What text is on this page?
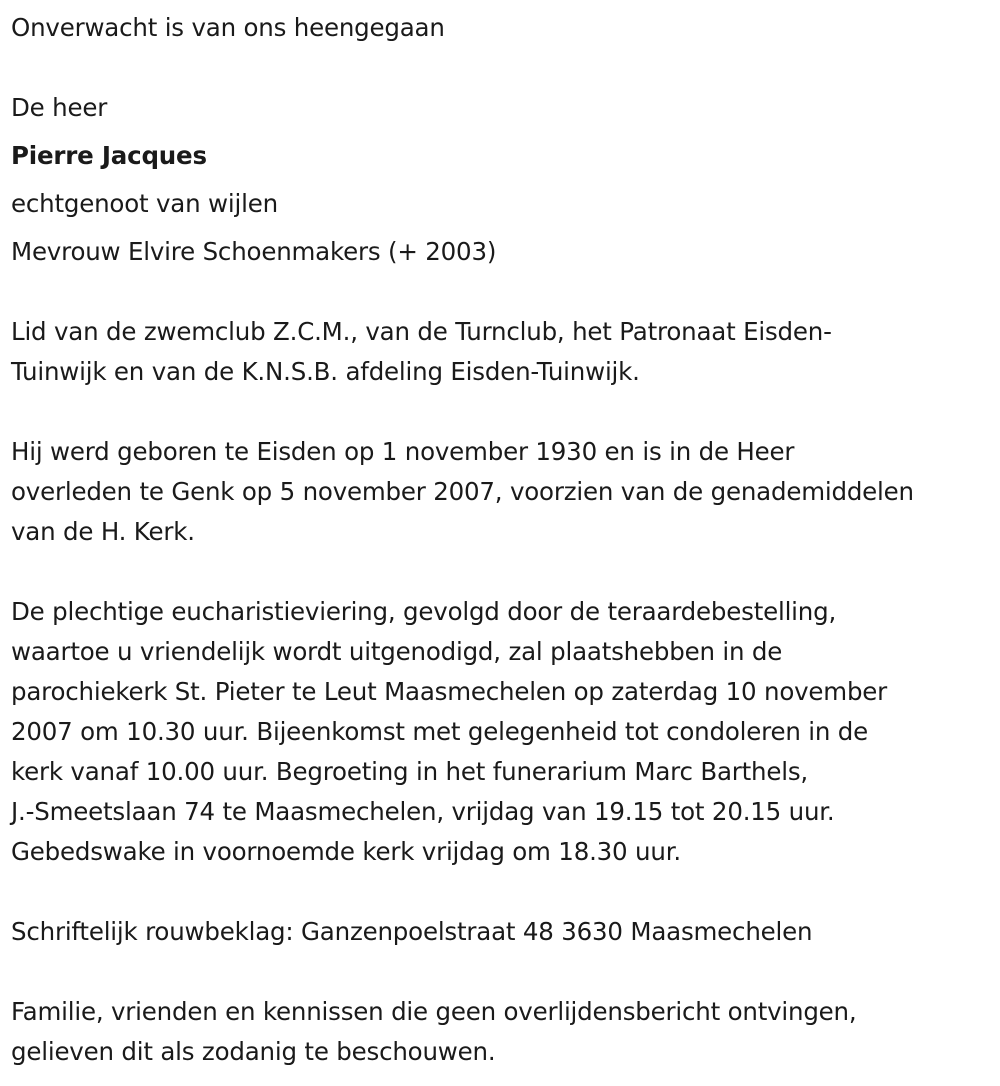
Onverwacht is van ons heengegaan

De heer

Pierre Jacques

echtgenoot van wijlen

Mevrouw Elvire Schoenmakers (+ 2003)

Lid van de zwemclub Z.C.M., van de Turnclub, het Patronaat Eisden-
Tuinwijk en van de K.N.S.B. afdeling Eisden-Tuinwijk.

Hij werd geboren te Eisden op 1 november 1930 en is in de Heer
overleden te Genk op 5 november 2007, voorzien van de genademiddelen
van de H. Kerk.

De plechtige eucharistieviering, gevolgd door de teraardebestelling,
waartoe u vriendelijk wordt uitgenodigd, zal plaatshebben in de
parochiekerk St. Pieter te Leut Maasmechelen op zaterdag 10 november
2007 om 10.30 uur. Bijeenkomst met gelegenheid tot condoleren in de
kerk vanaf 10.00 uur. Begroeting in het funerarium Marc Barthels,
J.-Smeetslaan 74 te Maasmechelen, vrijdag van 19.15 tot 20.15 uur.
Gebedswake in voornoemde kerk vrijdag om 18.30 uur.

Schriftelijk rouwbeklag: Ganzenpoelstraat 48 3630 Maasmechelen

Familie, vrienden en kennissen die geen overlijdensbericht ontvingen,
gelieven dit als zodanig te beschouwen.
